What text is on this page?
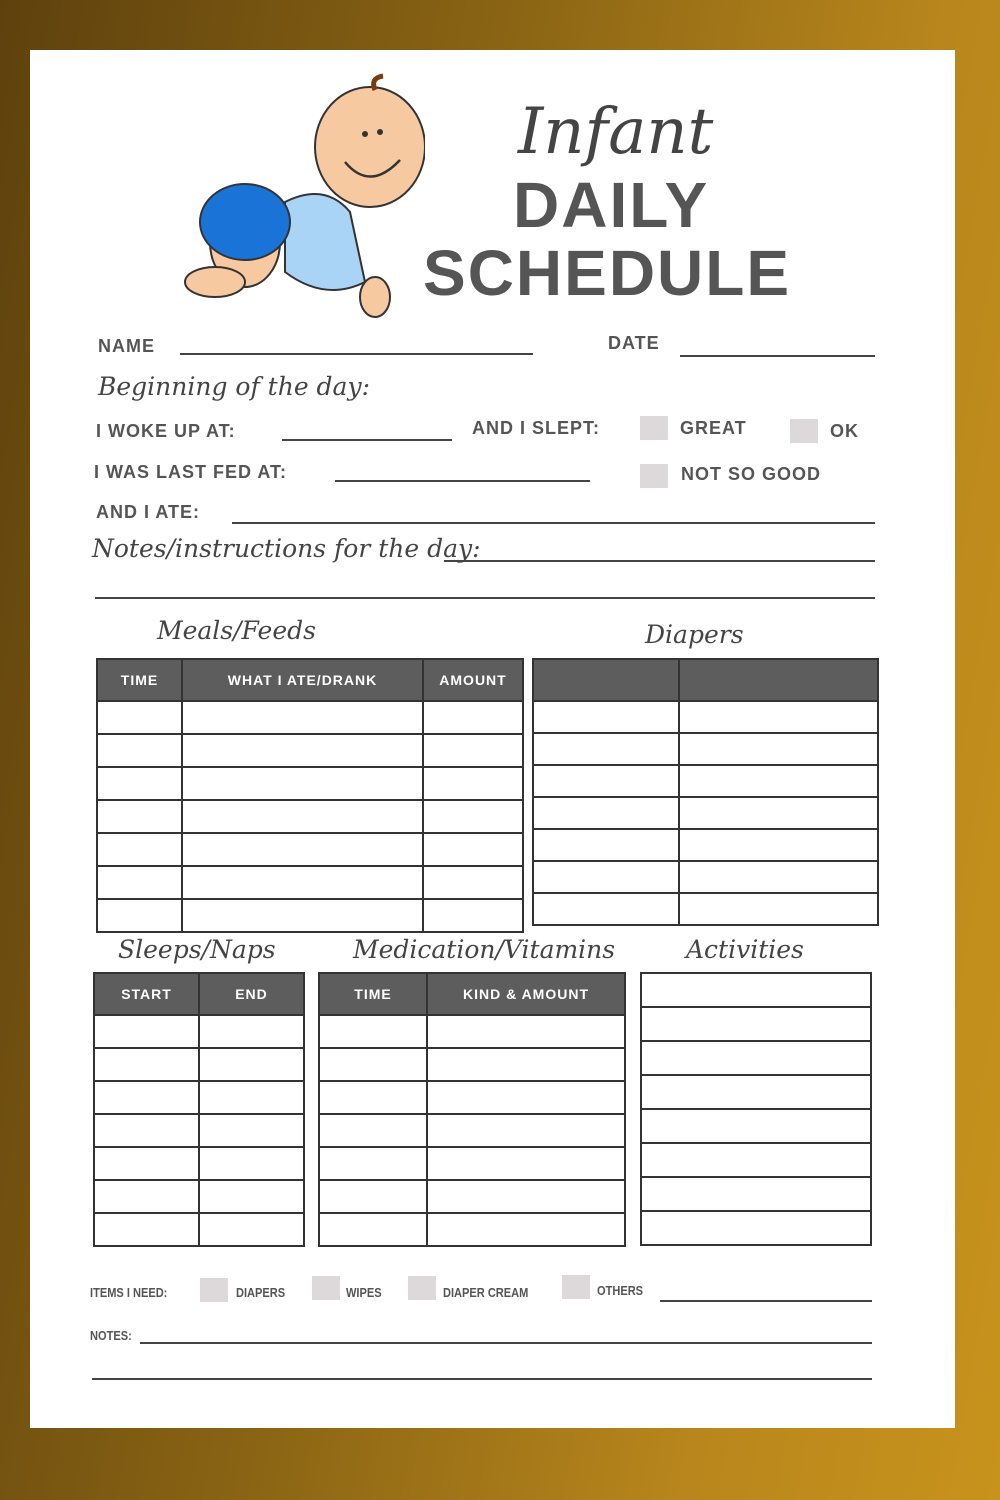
Infant
DAILY
SCHEDULE
NAME	DATE
Beginning of the day:
I WOKE UP AT:	AND I SLEPT:	GREAT	OK
I WAS LAST FED AT:	NOT SO GOOD
AND I ATE:
Notes/instructions for the day:
Meals/Feeds	Diapers
Sleeps/Naps	Medication/Vitamins	Activities
TIME	WHAT I ATE/DRANK	AMOUNT

START	END

		TIME	KIND & AMOUNT

ITEMS I NEED:	DIAPERS	WIPES	DIAPER CREAM	OTHERS
NOTES:
